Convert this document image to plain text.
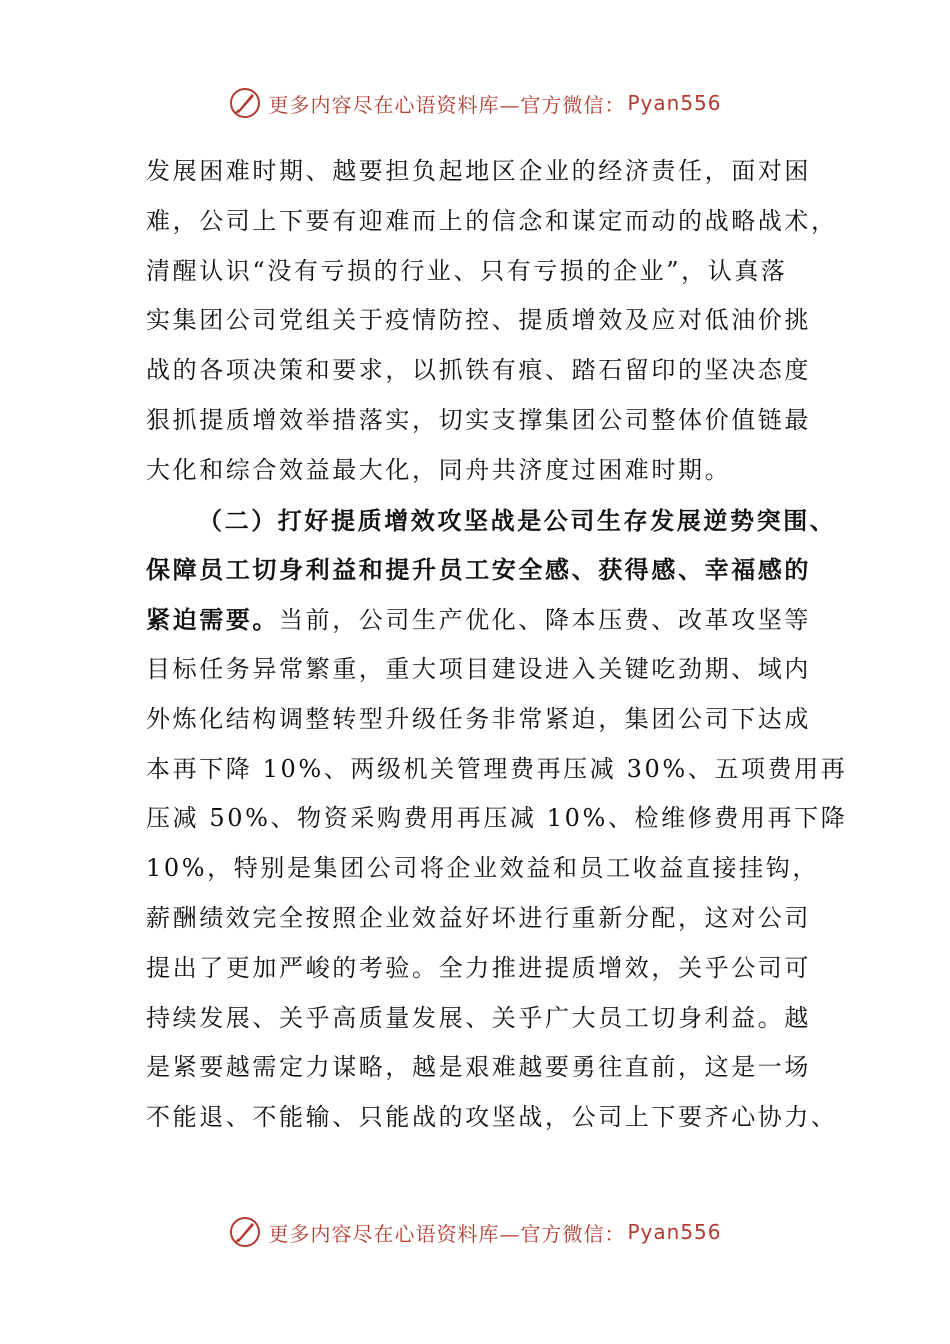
更多内容尽在心语资料库—官方微信： Pyan556
发展困难时期、越要担负起地区企业的经济责任，面对困
难，公司上下要有迎难而上的信念和谋定而动的战略战术，
清醒认识“没有亏损的行业、只有亏损的企业”，认真落
实集团公司党组关于疫情防控、提质增效及应对低油价挑
战的各项决策和要求，以抓铁有痕、踏石留印的坚决态度
狠抓提质增效举措落实，切实支撑集团公司整体价值链最
大化和综合效益最大化，同舟共济度过困难时期。
（二）打好提质增效攻坚战是公司生存发展逆势突围、
保障员工切身利益和提升员工安全感、获得感、幸福感的
紧迫需要。当前，公司生产优化、降本压费、改革攻坚等
目标任务异常繁重，重大项目建设进入关键吃劲期、域内
外炼化结构调整转型升级任务非常紧迫，集团公司下达成
本再下降 10%、两级机关管理费再压减 30%、五项费用再
压减 50%、物资采购费用再压减 10%、检维修费用再下降
10%，特别是集团公司将企业效益和员工收益直接挂钩，
薪酬绩效完全按照企业效益好坏进行重新分配，这对公司
提出了更加严峻的考验。全力推进提质增效，关乎公司可
持续发展、关乎高质量发展、关乎广大员工切身利益。越
是紧要越需定力谋略，越是艰难越要勇往直前，这是一场
不能退、不能输、只能战的攻坚战，公司上下要齐心协力、
更多内容尽在心语资料库—官方微信： Pyan556
